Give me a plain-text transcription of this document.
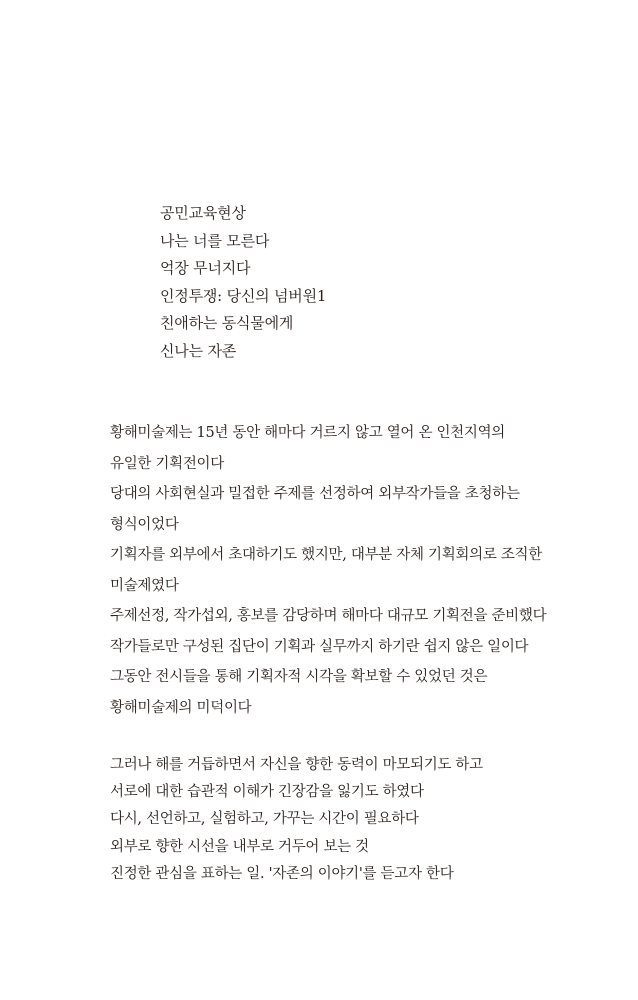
공민교육현상
나는 너를 모른다
억장 무너지다
인정투쟁: 당신의 넘버원1
친애하는 동식물에게
신나는 자존
황해미술제는 15년 동안 해마다 거르지 않고 열어 온 인천지역의
유일한 기획전이다
당대의 사회현실과 밀접한 주제를 선정하여 외부작가들을 초청하는
형식이었다
기획자를 외부에서 초대하기도 했지만, 대부분 자체 기획회의로 조직한
미술제였다
주제선정, 작가섭외, 홍보를 감당하며 해마다 대규모 기획전을 준비했다
작가들로만 구성된 집단이 기획과 실무까지 하기란 쉽지 않은 일이다
그동안 전시들을 통해 기획자적 시각을 확보할 수 있었던 것은
황해미술제의 미덕이다
그러나 해를 거듭하면서 자신을 향한 동력이 마모되기도 하고
서로에 대한 습관적 이해가 긴장감을 잃기도 하였다
다시, 선언하고, 실험하고, 가꾸는 시간이 필요하다
외부로 향한 시선을 내부로 거두어 보는 것
진정한 관심을 표하는 일. '자존의 이야기'를 듣고자 한다
